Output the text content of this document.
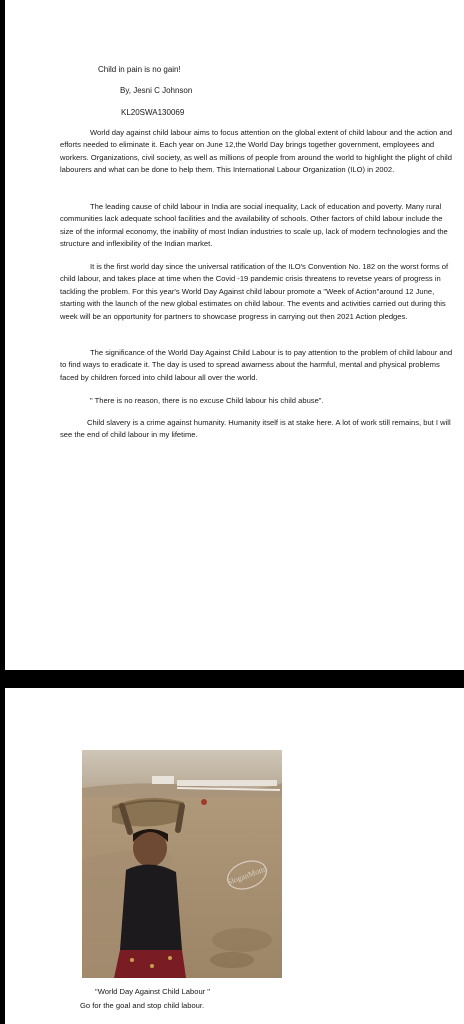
Child in pain is no gain!

By, Jesni C Johnson

KL20SWA130069

World day against child labour aims to focus attention on the global extent of child labour and the action and efforts needed to eliminate it. Each year on June 12,the World Day brings together government, employees and workers. Organizations, civil society, as well as millions of people from around the world to highlight the plight of child labourers and what can be done to help them. This International Labour Organization (ILO) in 2002.

The leading cause of child labour in India are social inequality, Lack of education and poverty. Many rural communities lack adequate school facilities and the availability of schools. Other factors of child labour include the size of the informal economy, the inability of most Indian industries to scale up, lack of modern technologies and the structure and inflexibility of the Indian market.

It is the first world day since the universal ratification of the ILO's Convention No. 182 on the worst forms of child labour, and takes place at time when the Covid -19 pandemic crisis threatens to revetse years of progress in tackling the problem. For this year's World Day Against child labour promote a "Week of Action"around 12 June, starting with the launch of the new global estimates on child labour. The events and activities carried out during this week will be an opportunity for partners to showcase progress in carrying out then 2021 Action pledges.

The significance of the World Day Against Child Labour is to pay attention to the problem of child labour and to find ways to eradicate it. The day is used to spread awarness about the harmful, mental and physical problems faced by children forced into child labour all over the world.

" There is no reason, there is no excuse Child labour his child abuse".

Child slavery is a crime against humanity. Humanity itself is at stake here. A lot of work still remains, but I will see the end of child labour in my lifetime.

SloganMotto

"World Day Against Child Labour "

Go for the goal and stop child labour.
